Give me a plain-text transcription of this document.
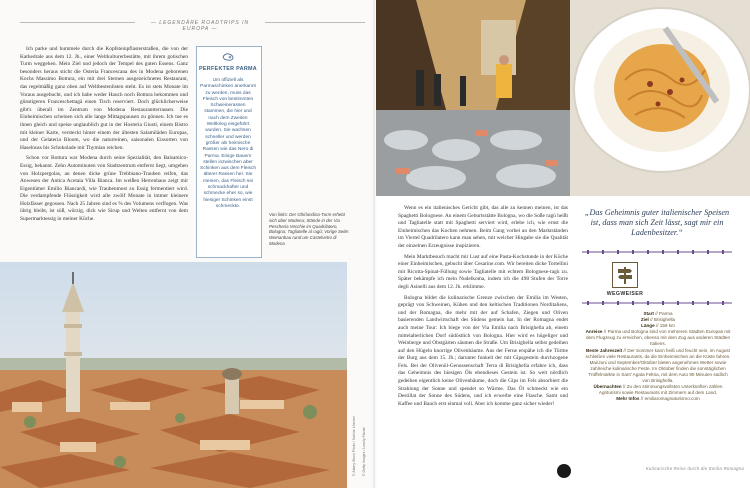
— LEGENDÄRE ROADTRIPS IN EUROPA —

Ich parke und bummele durch die Kopfsteinpflasterstraßen, die von der Kathedrale aus dem 12. Jh., einer Weltkulturerbestätte, mit ihrem gotischen Turm weggehen. Mein Ziel und jedoch der Tempel des guten Essens. Ganz besonders heraus sticht die Osteria Francescana des in Modena geborenen Kochs Massimo Bottura, ein mit drei Sternen ausgezeichnetes Restaurant, das regelmäßig ganz oben auf Weltbestenlisten steht. Es ist stets Monate im Voraus ausgebucht, und ich habe weder Hauch noch Bottura bekommen und günstigeren Franceschettagä einen Tisch reserviert. Doch glücklicherweise gibt's überall im Zentrum von Modena Restaurantterrassen. Die Einheimischen scheinen sich alle lange Mittagspausen zu gönnen. Ich tue es ihnen gleich und speise unglaublich gut in der Hosteria Giusti, einem Bistro mit kleiner Karte, versteckt hinter einem der ältesten Salamiläden Europas, und der Gelateria Bloom, wo die naturreinen, saisonalen Eissorten von Haselnuss bis Schokolade mit Thymian reichen.

Schon vor Bottura war Modena durch seine Spezialität, den Balsamico-Essig, bekannt. Zehn Autominuten von Stadtzentrum entfernt liegt, umgeben von Holzpergolas, an denen dicke grüne Trebbiano-Trauben reifen, das Anwesen der Antica Acetaia Villa Bianca. Im weißen Herrenhaus zeigt mir Eigentümer Emilio Biancardi, wie Traubenmost zu Essig fermentiert wird. Die verdampfende Flüssigkeit wird alle zwölf Monate in immer kleinere Holzfässer gegossen. Nach 25 Jahren sind es % des Volumens verflogen. Was übrig bleibt, ist süß, würzig, dick wie Sirup und Welten entfernt von dem Supermarktessig in meiner Küche.

PERFEKTER PARMA
Um offiziell als Parmaschinken anerkannt zu werden, muss das Fleisch von bestimmten Schweinerassen stammen, die hier und nach dem Zweiten Weltkrieg eingeführt wurden. Sie wachsen schneller und werden größer als heimische Rassen wie das Nero di Parma. Einige Bauern stellen inzwischen aber Schinken aus dem Fleisch älterer Rassen her. Sie meinen, das Fleisch sei schmackhafter und schmecke eher so, wie hiesiger Schinken einst schmeckte.
Von links: Der Ghirlandina-Turm erhebt sich über Modena; Stände in der Via Pescheria Vecchie im Quadrilatero, Bologna; Tagliatelle al ragù; Vorige Seite: Weinanbau rund um Castelvetro di Modena
© Alamy Stock Photo / Sabine Löscher © Getty Images / Lonely Planet

Wenn es ein italienisches Gericht gibt, das alle zu kennen meinen, ist das Spaghetti Bolognese. An einem Geburtsstätte Bologna, wo die Soße ragù heißt und Tagliatelle statt mit Spaghetti serviert wird, erlebe ich, wie ernst die Einheimischen das Kochen nehmen. Beim Gang vorbei an den Marktständen im Viertel Quadrilatero kann man sehen, mit welcher Hingabe sie die Qualität der einzelnen Erzeugnisse inspizieren.

Mein Marktbesuch macht mir Lust auf eine Pasta-Kochstunde in der Küche einer Einheimischen, gebucht über Cesarine.com. Wir bereiten dicke Tortellini mit Ricotta-Spinat-Füllung sowie Tagliatelle mit echtem Bolognese-ragù zu. Später bekämpfe ich mein Nudelkoma, indem ich die 498 Stufen der Torre degli Asinelli aus dem 12. Jh. erklimme.

Bologna bildet die kulinarische Grenze zwischen der Emilia im Westen, geprägt von Schweinen, Kühen und den keltischen Traditionen Norditaliens, und der Romagna, die mehr mit der auf Schafen, Ziegen und Oliven basierenden Landwirtschaft des Südens gemein hat. In der Romagna endet auch meine Tour: Ich biege von der Via Emilia nach Brisighella ab, einem mittelalterlichen Dorf südöstlich von Bologna. Hier wird es hügeliger und Weinberge und Obstgärten säumen die Straße. Um Brisighella selbst gedeihen auf den Hügeln knorrige Olivenbäume. Aus der Ferne erspähe ich die Türme der Burg aus dem 15. Jh.; darunter funkelt der mit Gipsgestein durchzogene Fels. Bei der Olivenöl-Genossenschaft Terra di Brisighella erfahre ich, dass das Geheimnis des hiesigen Öls ebendieses Gestein ist. So weit nördlich gedeihen eigentlich keine Olivenbäume, doch die Gips im Fels absorbiert die Strahlung der Sonne und spendet so Wärme. Das Öl schmeckt wie ein Destillat der Sonne des Südens, und ich erwerbe eine Flasche. Samt und Kaffee und Bauch erst einmal voll. Aber ich komme ganz sicher wieder!

„Das Geheimnis guter italienischer Speisen ist, dass man sich Zeit lässt, sagt mir ein Ladenbesitzer.“
WEGWEISER

Start // Parma

Ziel // Brisighella

Länge // 159 km

Anreise // Parma und Bologna sind von mehreren Städten Europas mit dem Flugzeug zu erreichen, ebenso mit dem Zug aus anderen Städten Italiens.

Beste Jahreszeit // Der Sommer kann heiß und feucht sein, im August schließen viele Restaurants, da die Einheimischen an die Küste fahren. Mai/Juni und September/Oktober bieten angenehmes Wetter sowie zahlreiche kulinarische Feste. Im Oktober finden die sonntäglichen Trüffelmärkte in Sant' Agata Feltria, mit dem Auto 90 Minuten südlich von Brisighella.

Übernachten // Zu den stimmungsvollsten Unterkünften zählen Agriturismi sowie Restaurants mit Zimmern auf dem Land.

Mehr Infos // emiliaromagnaturismo.com

Kulinarische Reise durch die Emilia-Romagna
